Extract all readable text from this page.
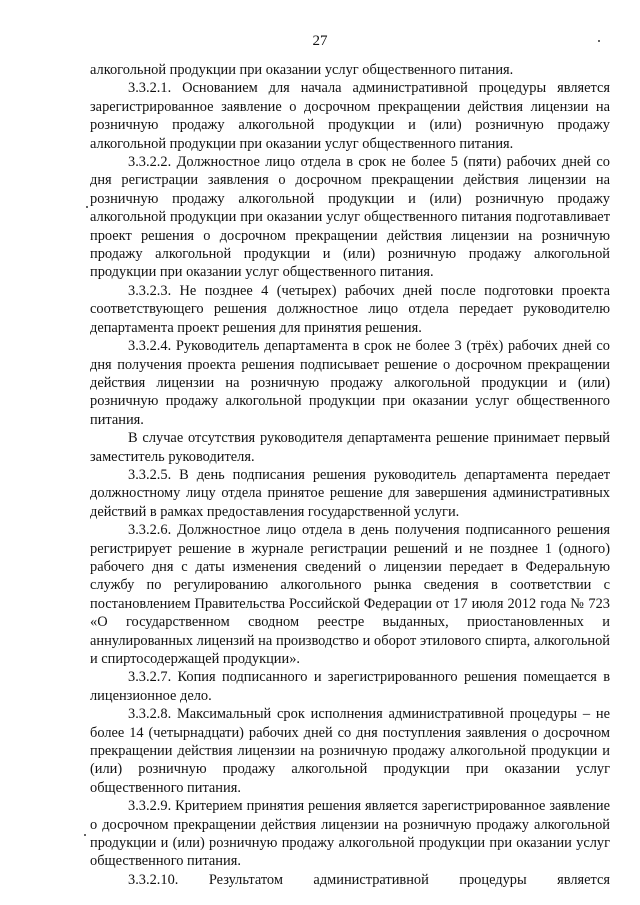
27

алкогольной продукции при оказании услуг общественного питания.

3.3.2.1. Основанием для начала административной процедуры является зарегистрированное заявление о досрочном прекращении действия лицензии на розничную продажу алкогольной продукции и (или) розничную продажу алкогольной продукции при оказании услуг общественного питания.

3.3.2.2. Должностное лицо отдела в срок не более 5 (пяти) рабочих дней со дня регистрации заявления о досрочном прекращении действия лицензии на розничную продажу алкогольной продукции и (или) розничную продажу алкогольной продукции при оказании услуг общественного питания подготавливает проект решения о досрочном прекращении действия лицензии на розничную продажу алкогольной продукции и (или) розничную продажу алкогольной продукции при оказании услуг общественного питания.

3.3.2.3. Не позднее 4 (четырех) рабочих дней после подготовки проекта соответствующего решения должностное лицо отдела передает руководителю департамента проект решения для принятия решения.

3.3.2.4. Руководитель департамента в срок не более 3 (трёх) рабочих дней со дня получения проекта решения подписывает решение о досрочном прекращении действия лицензии на розничную продажу алкогольной продукции и (или) розничную продажу алкогольной продукции при оказании услуг общественного питания.

В случае отсутствия руководителя департамента решение принимает первый заместитель руководителя.

3.3.2.5. В день подписания решения руководитель департамента передает должностному лицу отдела принятое решение для завершения административных действий в рамках предоставления государственной услуги.

3.3.2.6. Должностное лицо отдела в день получения подписанного решения регистрирует решение в журнале регистрации решений и не позднее 1 (одного) рабочего дня с даты изменения сведений о лицензии передает в Федеральную службу по регулированию алкогольного рынка сведения в соответствии с постановлением Правительства Российской Федерации от 17 июля 2012 года № 723 «О государственном сводном реестре выданных, приостановленных и аннулированных лицензий на производство и оборот этилового спирта, алкогольной и спиртосодержащей продукции».

3.3.2.7. Копия подписанного и зарегистрированного решения помещается в лицензионное дело.

3.3.2.8. Максимальный срок исполнения административной процедуры – не более 14 (четырнадцати) рабочих дней со дня поступления заявления о досрочном прекращении действия лицензии на розничную продажу алкогольной продукции и (или) розничную продажу алкогольной продукции при оказании услуг общественного питания.

3.3.2.9. Критерием принятия решения является зарегистрированное заявление о досрочном прекращении действия лицензии на розничную продажу алкогольной продукции и (или) розничную продажу алкогольной продукции при оказании услуг общественного питания.

3.3.2.10. Результатом административной процедуры является
